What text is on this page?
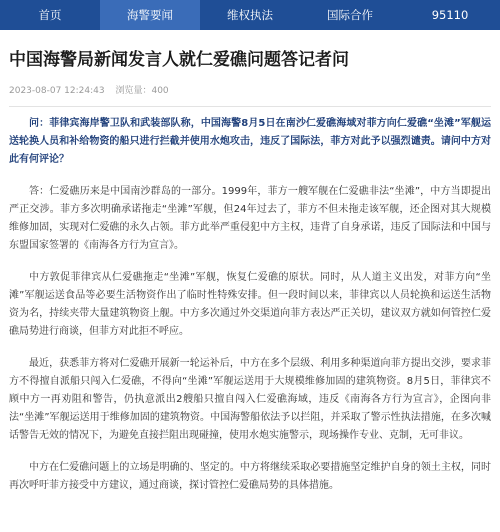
首页	海警要闻	维权执法	国际合作	95110
中国海警局新闻发言人就仁爱礁问题答记者问
2023-08-07 12:24:43 浏览量：400

问：菲律宾海岸警卫队和武装部队称，中国海警8月5日在南沙仁爱礁海域对菲方向仁爱礁“坐滩”军舰运送轮换人员和补给物资的船只进行拦截并使用水炮攻击，违反了国际法，菲方对此予以强烈谴责。请问中方对此有何评论？

答：仁爱礁历来是中国南沙群岛的一部分。1999年，菲方一艘军舰在仁爱礁非法“坐滩”，中方当即提出严正交涉。菲方多次明确承诺拖走“坐滩”军舰，但24年过去了，菲方不但未拖走该军舰，还企图对其大规模维修加固，实现对仁爱礁的永久占领。菲方此举严重侵犯中方主权，违背了自身承诺，违反了国际法和中国与东盟国家签署的《南海各方行为宣言》。

中方敦促菲律宾从仁爱礁拖走“坐滩”军舰，恢复仁爱礁的原状。同时，从人道主义出发，对菲方向“坐滩”军舰运送食品等必要生活物资作出了临时性特殊安排。但一段时间以来，菲律宾以人员轮换和运送生活物资为名，持续夹带大量建筑物资上舰。中方多次通过外交渠道向菲方表达严正关切，建议双方就如何管控仁爱礁局势进行商谈，但菲方对此拒不呼应。

最近，获悉菲方将对仁爱礁开展新一轮运补后，中方在多个层级、利用多种渠道向菲方提出交涉，要求菲方不得擅自派船只闯入仁爱礁，不得向“坐滩”军舰运送用于大规模维修加固的建筑物资。8月5日，菲律宾不顾中方一再劝阻和警告，仍执意派出2艘船只擅自闯入仁爱礁海域，违反《南海各方行为宣言》，企图向非法“坐滩”军舰运送用于维修加固的建筑物资。中国海警船依法予以拦阻，并采取了警示性执法措施，在多次喊话警告无效的情况下，为避免直接拦阻出现碰撞，使用水炮实施警示，现场操作专业、克制，无可非议。

中方在仁爱礁问题上的立场是明确的、坚定的。中方将继续采取必要措施坚定维护自身的领土主权，同时再次呼吁菲方接受中方建议，通过商谈，探讨管控仁爱礁局势的具体措施。
